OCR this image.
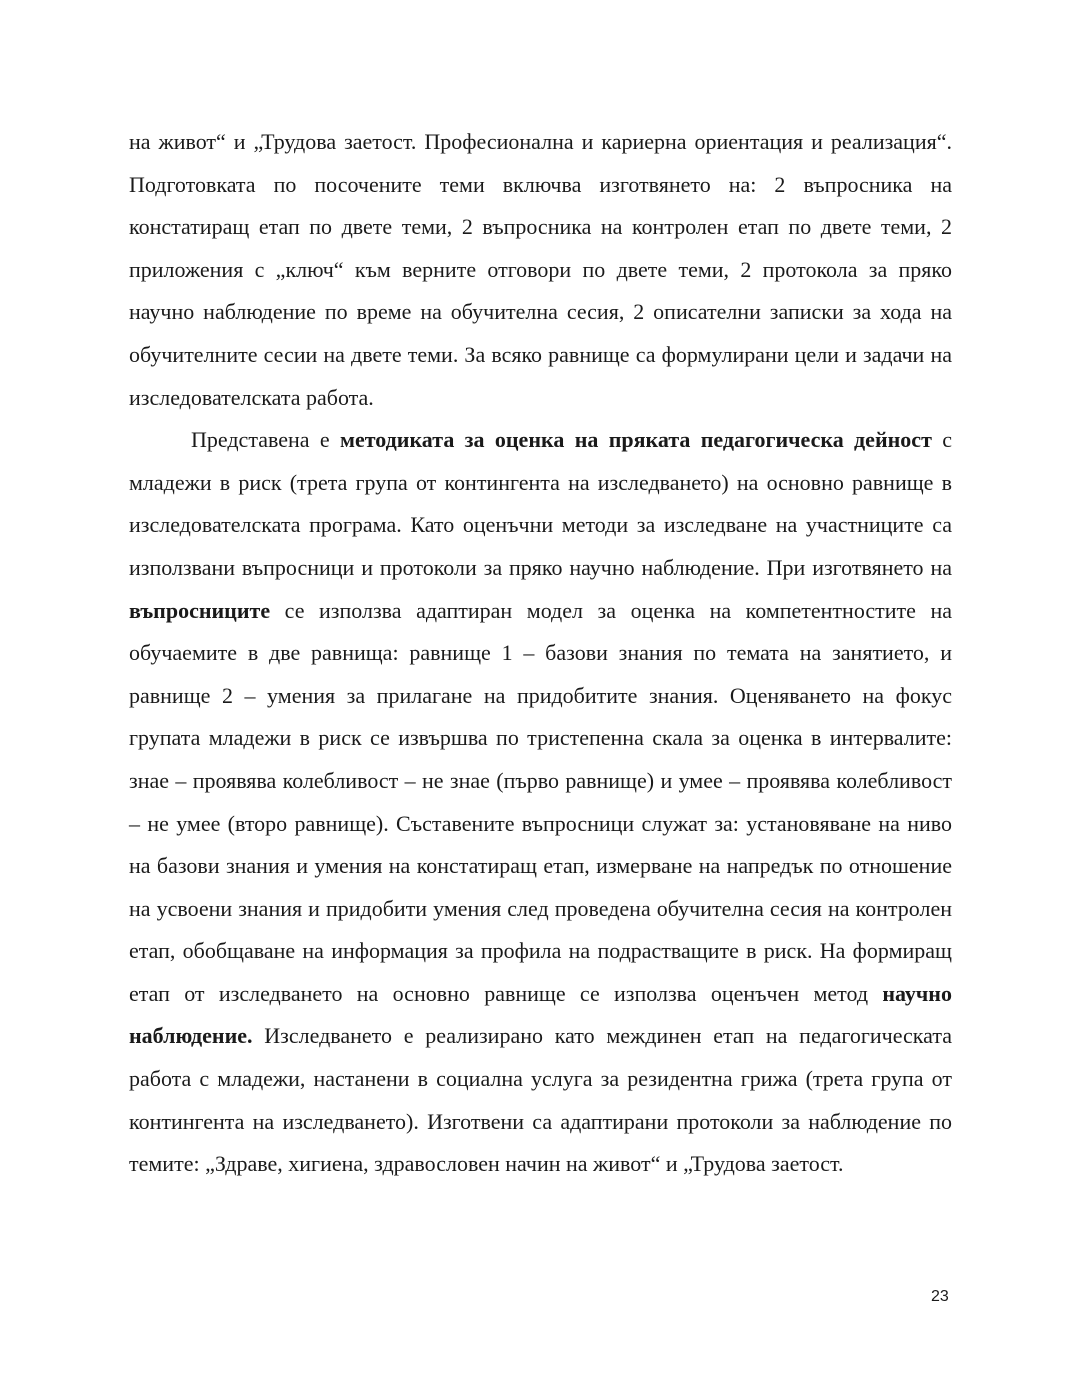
на живот“ и „Трудова заетост. Професионална и кариерна ориентация и реализация“. Подготовката по посочените теми включва изготвянето на: 2 въпросника на констатиращ етап по двете теми, 2 въпросника на контролен етап по двете теми, 2 приложения с „ключ“ към верните отговори по двете теми, 2 протокола за пряко научно наблюдение по време на обучителна сесия, 2 описателни записки за хода на обучителните сесии на двете теми. За всяко равнище са формулирани цели и задачи на изследователската работа.

Представена е методиката за оценка на пряката педагогическа дейност с младежи в риск (трета група от контингента на изследването) на основно равнище в изследователската програма. Като оценъчни методи за изследване на участниците са използвани въпросници и протоколи за пряко научно наблюдение. При изготвянето на въпросниците се използва адаптиран модел за оценка на компетентностите на обучаемите в две равнища: равнище 1 – базови знания по темата на занятието, и равнище 2 – умения за прилагане на придобитите знания. Оценяването на фокус групата младежи в риск се извършва по тристепенна скала за оценка в интервалите: знае – проявява колебливост – не знае (първо равнище) и умее – проявява колебливост – не умее (второ равнище). Съставените въпросници служат за: установяване на ниво на базови знания и умения на констатиращ етап, измерване на напредък по отношение на усвоени знания и придобити умения след проведена обучителна сесия на контролен етап, обобщаване на информация за профила на подрастващите в риск. На формиращ етап от изследването на основно равнище се използва оценъчен метод научно наблюдение. Изследването е реализирано като междинен етап на педагогическата работа с младежи, настанени в социална услуга за резидентна грижа (трета група от контингента на изследването). Изготвени са адаптирани протоколи за наблюдение по темите: „Здраве, хигиена, здравословен начин на живот“ и „Трудова заетост.

23
